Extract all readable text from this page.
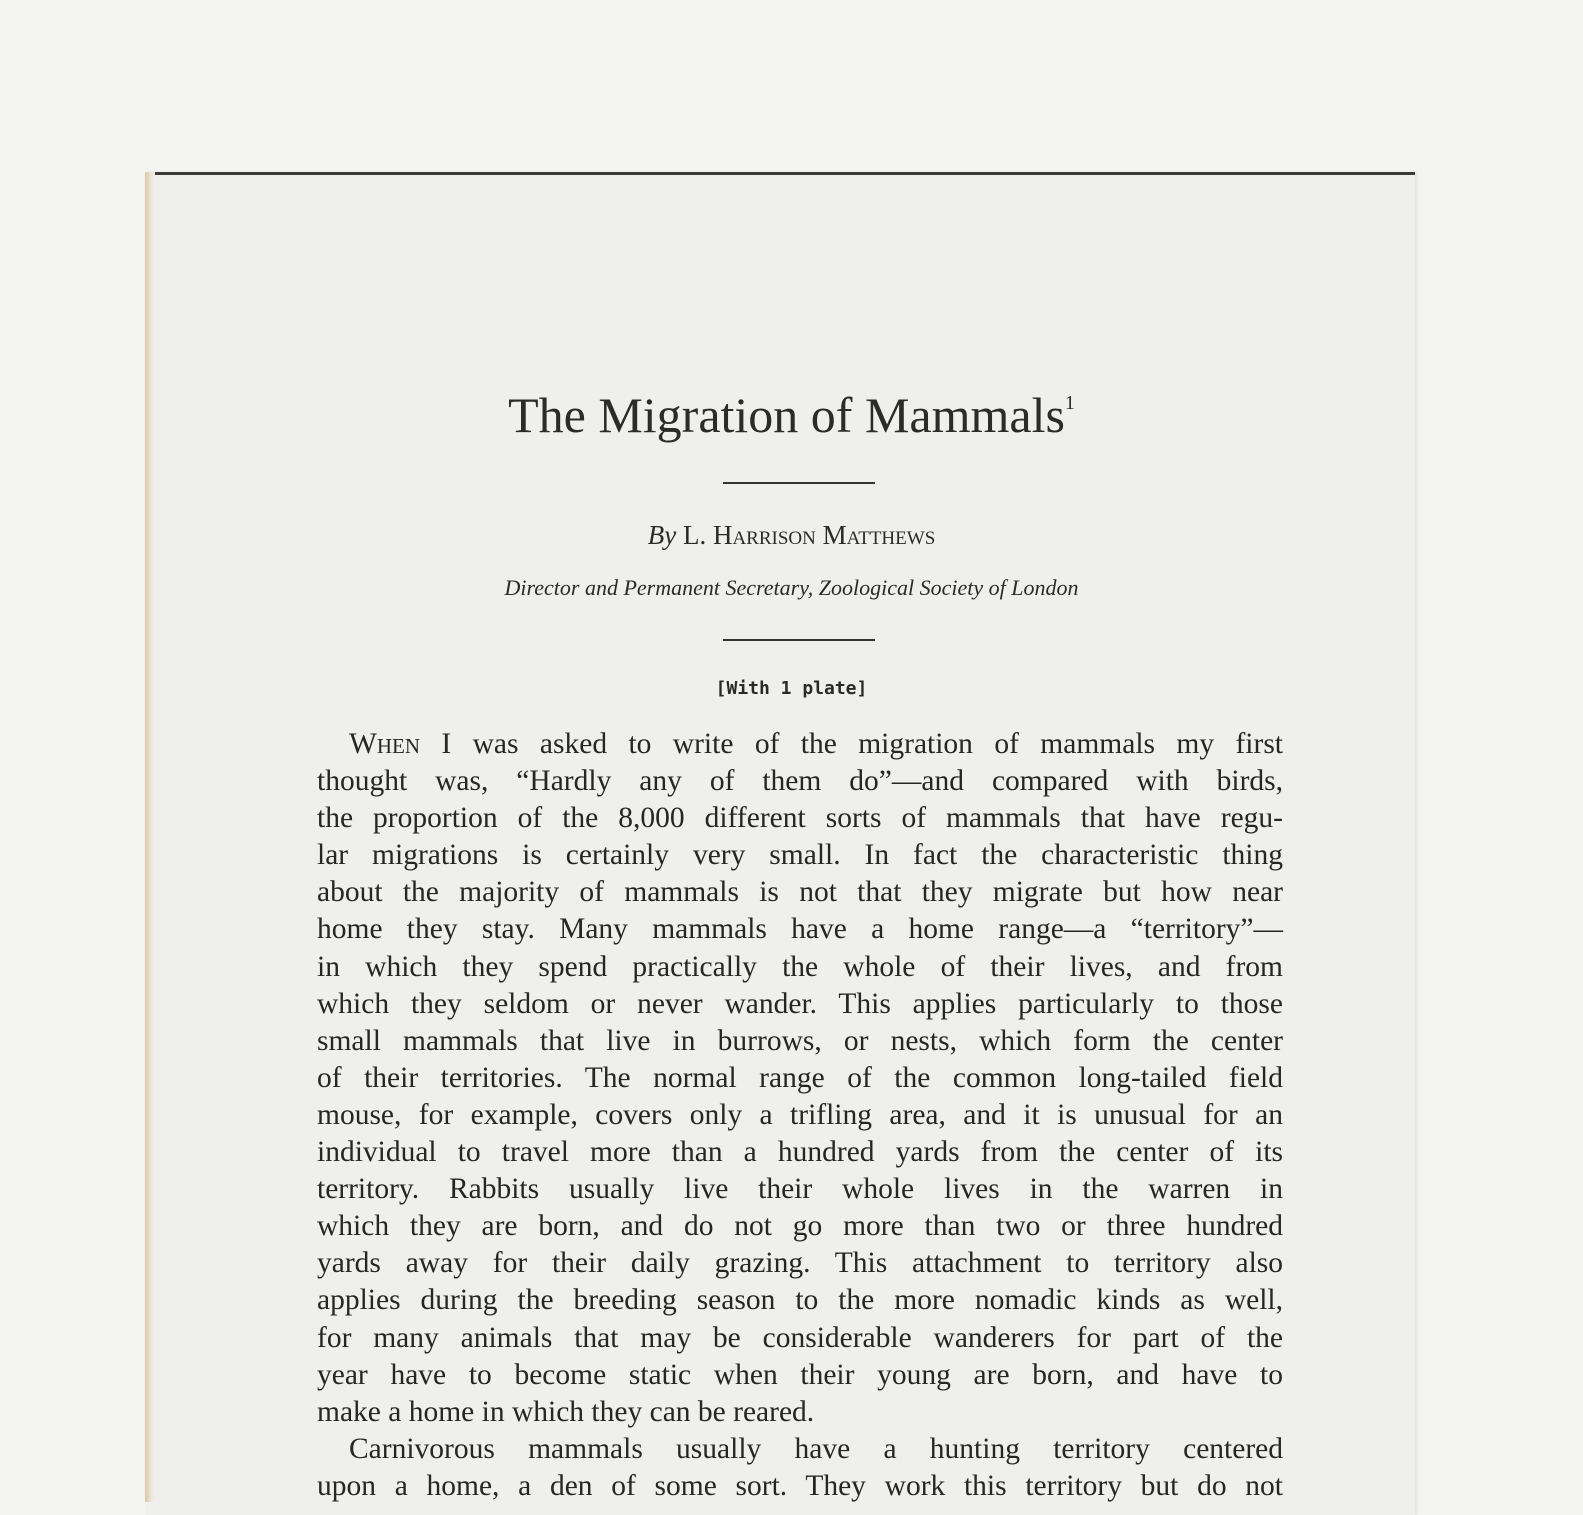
The Migration of Mammals$^1$
By L. Harrison Matthews
Director and Permanent Secretary, Zoological Society of London
[With 1 plate]
When I was asked to write of the migration of mammals my first
thought was, “Hardly any of them do”—and compared with birds,
the proportion of the 8,000 different sorts of mammals that have regu-
lar migrations is certainly very small. In fact the characteristic thing
about the majority of mammals is not that they migrate but how near
home they stay. Many mammals have a home range—a “territory”—
in which they spend practically the whole of their lives, and from
which they seldom or never wander. This applies particularly to those
small mammals that live in burrows, or nests, which form the center
of their territories. The normal range of the common long-tailed field
mouse, for example, covers only a trifling area, and it is unusual for an
individual to travel more than a hundred yards from the center of its
territory. Rabbits usually live their whole lives in the warren in
which they are born, and do not go more than two or three hundred
yards away for their daily grazing. This attachment to territory also
applies during the breeding season to the more nomadic kinds as well,
for many animals that may be considerable wanderers for part of the
year have to become static when their young are born, and have to
make a home in which they can be reared.
Carnivorous mammals usually have a hunting territory centered
upon a home, a den of some sort. They work this territory but do not
